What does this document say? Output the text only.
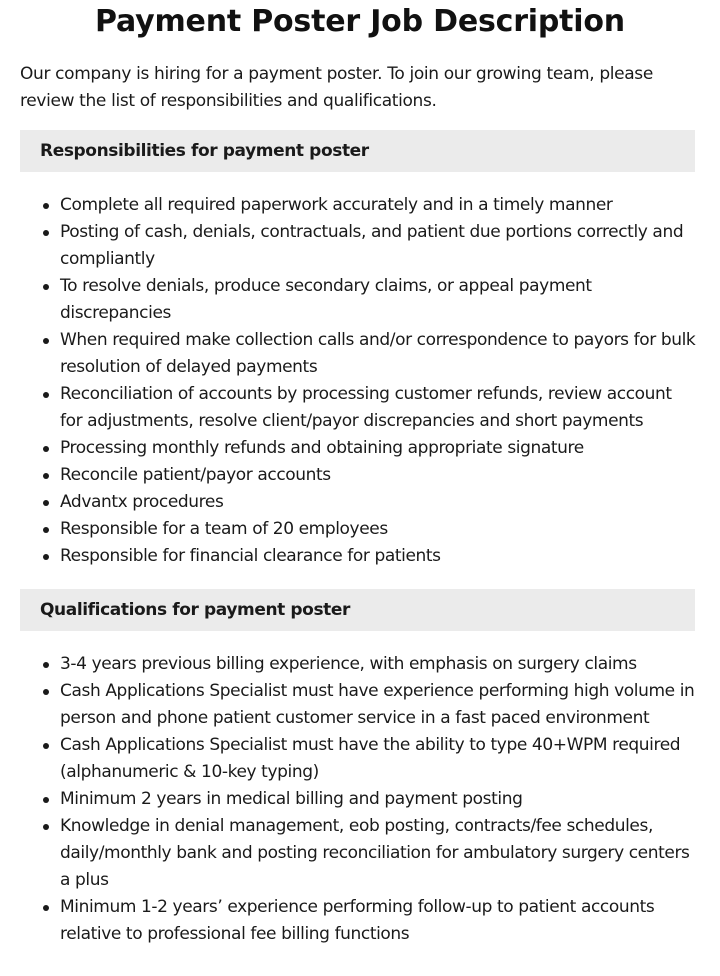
Payment Poster Job Description

Our company is hiring for a payment poster. To join our growing team, please review the list of responsibilities and qualifications.

Responsibilities for payment poster
Complete all required paperwork accurately and in a timely manner
Posting of cash, denials, contractuals, and patient due portions correctly and compliantly
To resolve denials, produce secondary claims, or appeal payment discrepancies
When required make collection calls and/or correspondence to payors for bulk resolution of delayed payments
Reconciliation of accounts by processing customer refunds, review account for adjustments, resolve client/payor discrepancies and short payments
Processing monthly refunds and obtaining appropriate signature
Reconcile patient/payor accounts
Advantx procedures
Responsible for a team of 20 employees
Responsible for financial clearance for patients
Qualifications for payment poster
3-4 years previous billing experience, with emphasis on surgery claims
Cash Applications Specialist must have experience performing high volume in person and phone patient customer service in a fast paced environment
Cash Applications Specialist must have the ability to type 40+WPM required (alphanumeric & 10-key typing)
Minimum 2 years in medical billing and payment posting
Knowledge in denial management, eob posting, contracts/fee schedules, daily/monthly bank and posting reconciliation for ambulatory surgery centers a plus
Minimum 1-2 years’ experience performing follow-up to patient accounts relative to professional fee billing functions
